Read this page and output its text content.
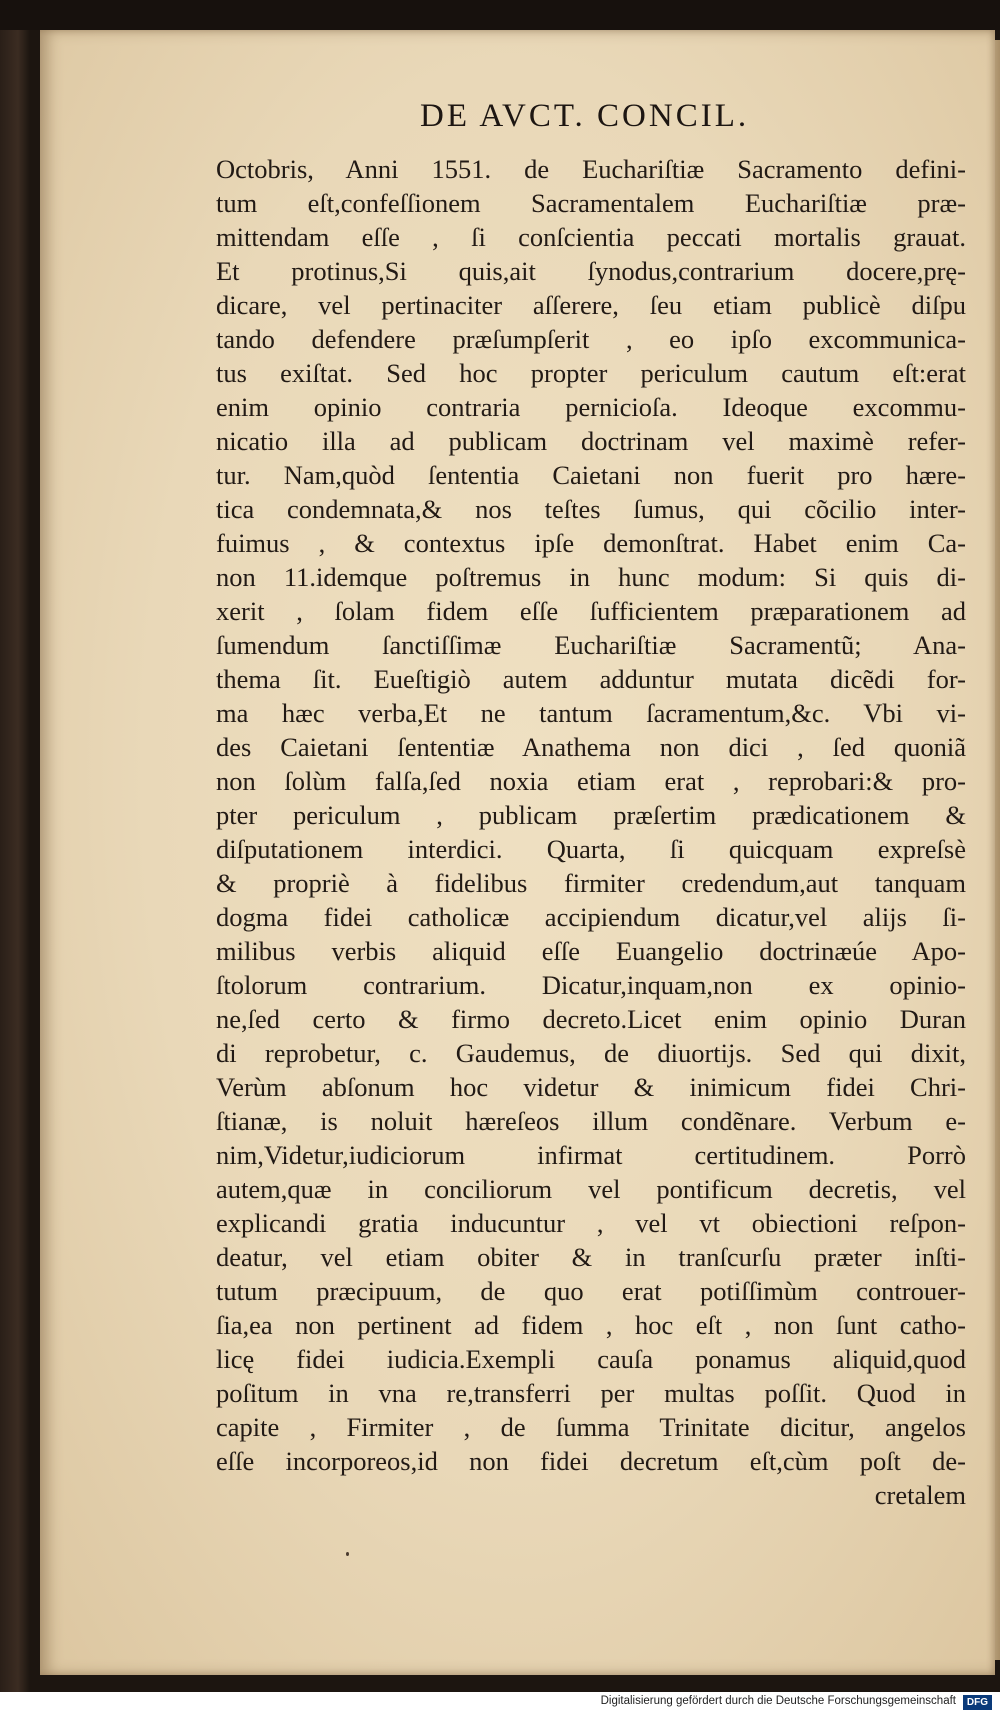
DE AVCT. CONCIL.
Octobris, Anni 1551. de Euchariſtiæ Sacramento defini-
tum eſt,confeſſionem Sacramentalem Euchariſtiæ præ-
mittendam eſſe , ſi conſcientia peccati mortalis grauat.
Et protinus,Si quis,ait ſynodus,contrarium docere,prę-
dicare, vel pertinaciter aſſerere, ſeu etiam publicè diſpu
tando defendere præſumpſerit , eo ipſo excommunica-
tus exiſtat. Sed hoc propter periculum cautum eſt:erat
enim opinio contraria pernicioſa. Ideoque excommu-
nicatio illa ad publicam doctrinam vel maximè refer-
tur. Nam,quòd ſententia Caietani non fuerit pro hære-
tica condemnata,& nos teſtes ſumus, qui cõcilio inter-
fuimus , & contextus ipſe demonſtrat. Habet enim Ca-
non 11.idemque poſtremus in hunc modum: Si quis di-
xerit , ſolam fidem eſſe ſufficientem præparationem ad
ſumendum ſanctiſſimæ Euchariſtiæ Sacramentũ; Ana-
thema ſit. Eueſtigiò autem adduntur mutata dicẽdi for-
ma hæc verba,Et ne tantum ſacramentum,&c. Vbi vi-
des Caietani ſententiæ Anathema non dici , ſed quoniã
non ſolùm falſa,ſed noxia etiam erat , reprobari:& pro-
pter periculum , publicam præſertim prædicationem &
diſputationem interdici. Quarta, ſi quicquam expreſsè
& propriè à fidelibus firmiter credendum,aut tanquam
dogma fidei catholicæ accipiendum dicatur,vel alijs ſi-
milibus verbis aliquid eſſe Euangelio doctrinæúe Apo-
ſtolorum contrarium. Dicatur,inquam,non ex opinio-
ne,ſed certo & firmo decreto.Licet enim opinio Duran
di reprobetur, c. Gaudemus, de diuortijs. Sed qui dixit,
Verùm abſonum hoc videtur & inimicum fidei Chri-
ſtianæ, is noluit hæreſeos illum condẽnare. Verbum e-
nim,Videtur,iudiciorum infirmat certitudinem. Porrò
autem,quæ in conciliorum vel pontificum decretis, vel
explicandi gratia inducuntur , vel vt obiectioni reſpon-
deatur, vel etiam obiter & in tranſcurſu præter inſti-
tutum præcipuum, de quo erat potiſſimùm controuer-
ſia,ea non pertinent ad fidem , hoc eſt , non ſunt catho-
licę fidei iudicia.Exempli cauſa ponamus aliquid,quod
poſitum in vna re,transferri per multas poſſit. Quod in
capite , Firmiter , de ſumma Trinitate dicitur, angelos
eſſe incorporeos,id non fidei decretum eſt,cùm poſt de-
cretalem
Digitalisierung gefördert durch die Deutsche Forschungsgemeinschaft	DFG
